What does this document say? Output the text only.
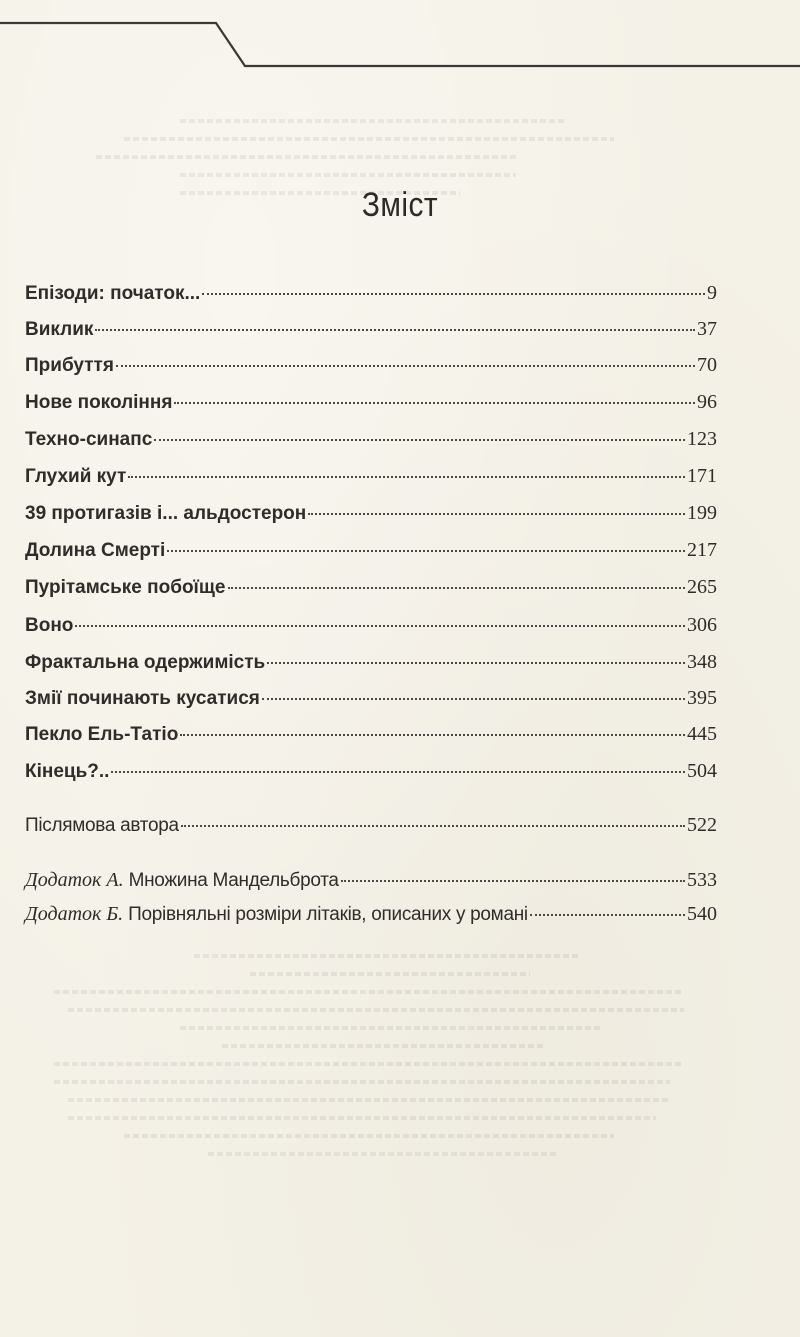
Зміст
Епізоди: початок...	9
Виклик	37
Прибуття	70
Нове покоління	96
Техно-синапс	123
Глухий кут	171
39 протигазів і... альдостерон	199
Долина Смерті	217
Пурітамське побоїще	265
Воно	306
Фрактальна одержимість	348
Змії починають кусатися	395
Пекло Ель-Татіо	445
Кінець?..	504
Післямова автора	522
Додаток А. Множина Мандельброта	533
Додаток Б. Порівняльні розміри літаків, описаних у романі	540
